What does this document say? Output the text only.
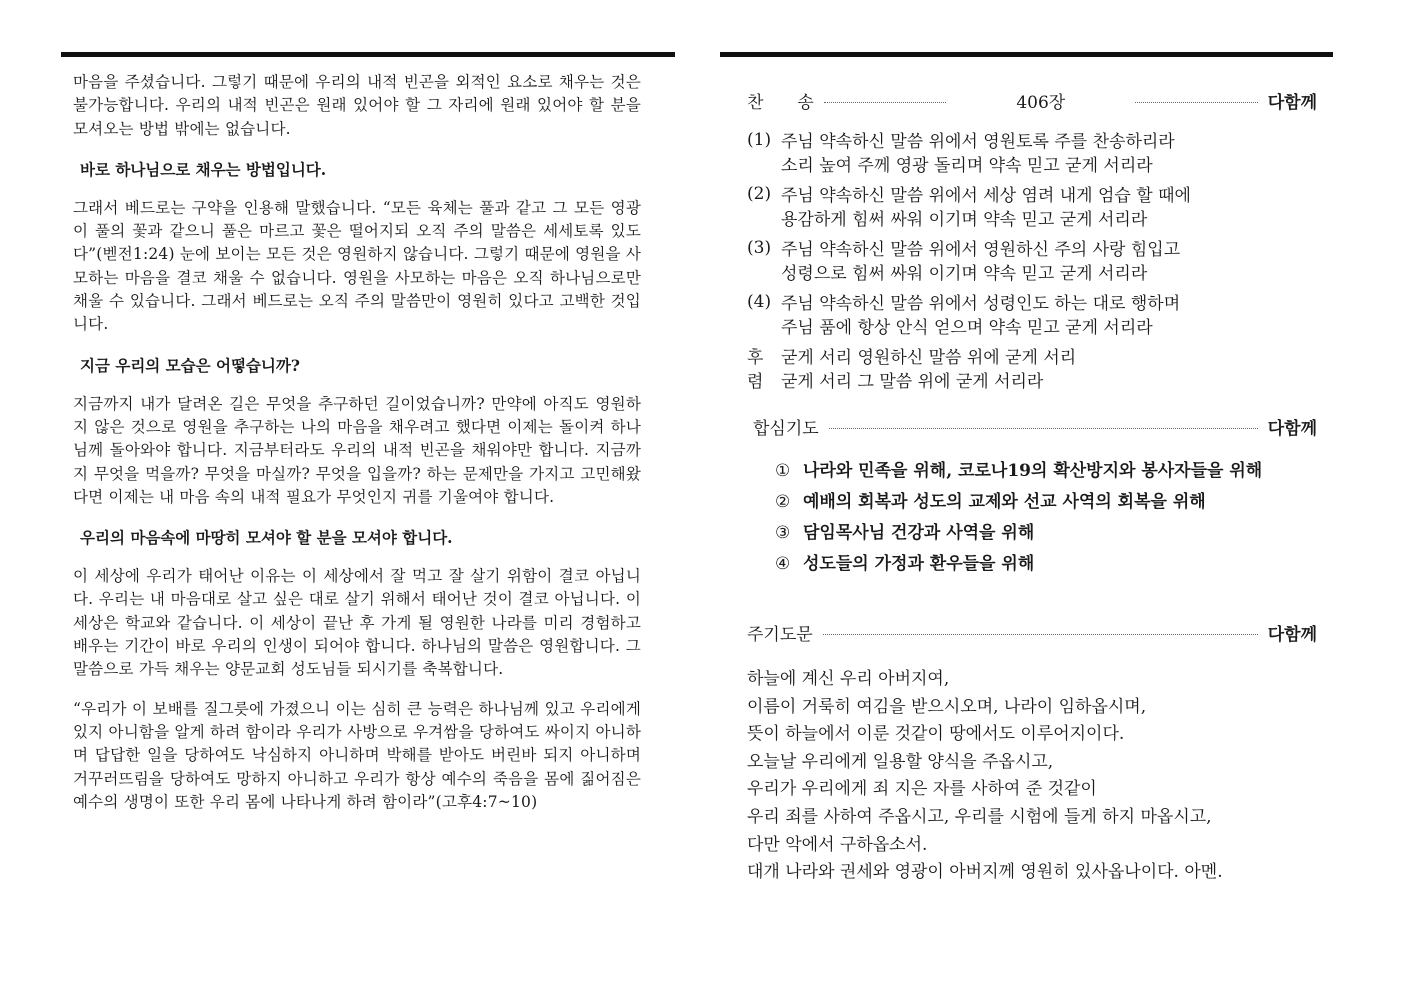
마음을 주셨습니다. 그렇기 때문에 우리의 내적 빈곤을 외적인 요소로 채우는 것은 불가능합니다. 우리의 내적 빈곤은 원래 있어야 할 그 자리에 원래 있어야 할 분을 모셔오는 방법 밖에는 없습니다.

바로 하나님으로 채우는 방법입니다.

그래서 베드로는 구약을 인용해 말했습니다. “모든 육체는 풀과 같고 그 모든 영광이 풀의 꽃과 같으니 풀은 마르고 꽃은 떨어지되 오직 주의 말씀은 세세토록 있도다”(벧전1:24) 눈에 보이는 모든 것은 영원하지 않습니다. 그렇기 때문에 영원을 사모하는 마음을 결코 채울 수 없습니다. 영원을 사모하는 마음은 오직 하나님으로만 채울 수 있습니다. 그래서 베드로는 오직 주의 말씀만이 영원히 있다고 고백한 것입니다.

지금 우리의 모습은 어떻습니까?

지금까지 내가 달려온 길은 무엇을 추구하던 길이었습니까? 만약에 아직도 영원하지 않은 것으로 영원을 추구하는 나의 마음을 채우려고 했다면 이제는 돌이켜 하나님께 돌아와야 합니다. 지금부터라도 우리의 내적 빈곤을 채워야만 합니다. 지금까지 무엇을 먹을까? 무엇을 마실까? 무엇을 입을까? 하는 문제만을 가지고 고민해왔다면 이제는 내 마음 속의 내적 필요가 무엇인지 귀를 기울여야 합니다.

우리의 마음속에 마땅히 모셔야 할 분을 모셔야 합니다.

이 세상에 우리가 태어난 이유는 이 세상에서 잘 먹고 잘 살기 위함이 결코 아닙니다. 우리는 내 마음대로 살고 싶은 대로 살기 위해서 태어난 것이 결코 아닙니다. 이 세상은 학교와 같습니다. 이 세상이 끝난 후 가게 될 영원한 나라를 미리 경험하고 배우는 기간이 바로 우리의 인생이 되어야 합니다. 하나님의 말씀은 영원합니다. 그 말씀으로 가득 채우는 양문교회 성도님들 되시기를 축복합니다.

“우리가 이 보배를 질그릇에 가졌으니 이는 심히 큰 능력은 하나님께 있고 우리에게 있지 아니함을 알게 하려 함이라 우리가 사방으로 우겨쌈을 당하여도 싸이지 아니하며 답답한 일을 당하여도 낙심하지 아니하며 박해를 받아도 버린바 되지 아니하며 거꾸러뜨림을 당하여도 망하지 아니하고 우리가 항상 예수의 죽음을 몸에 짊어짐은 예수의 생명이 또한 우리 몸에 나타나게 하려 함이라”(고후4:7~10)

찬　　송	406장	다함께
(1) 주님 약속하신 말씀 위에서 영원토록 주를 찬송하리라
소리 높여 주께 영광 돌리며 약속 믿고 굳게 서리라
(2) 주님 약속하신 말씀 위에서 세상 염려 내게 엄습 할 때에
용감하게 힘써 싸워 이기며 약속 믿고 굳게 서리라
(3) 주님 약속하신 말씀 위에서 영원하신 주의 사랑 힘입고
성령으로 힘써 싸워 이기며 약속 믿고 굳게 서리라
(4) 주님 약속하신 말씀 위에서 성령인도 하는 대로 행하며
주님 품에 항상 안식 얻으며 약속 믿고 굳게 서리라
후	굳게 서리 영원하신 말씀 위에 굳게 서리
렴	굳게 서리 그 말씀 위에 굳게 서리라
합심기도	다함께
① 나라와 민족을 위해, 코로나19의 확산방지와 봉사자들을 위해
② 예배의 회복과 성도의 교제와 선교 사역의 회복을 위해
③ 담임목사님 건강과 사역을 위해
④ 성도들의 가정과 환우들을 위해
주기도문	다함께
하늘에 계신 우리 아버지여,
이름이 거룩히 여김을 받으시오며, 나라이 임하옵시며,
뜻이 하늘에서 이룬 것같이 땅에서도 이루어지이다.
오늘날 우리에게 일용할 양식을 주옵시고,
우리가 우리에게 죄 지은 자를 사하여 준 것같이
우리 죄를 사하여 주옵시고, 우리를 시험에 들게 하지 마옵시고,
다만 악에서 구하옵소서.
대개 나라와 권세와 영광이 아버지께 영원히 있사옵나이다. 아멘.
